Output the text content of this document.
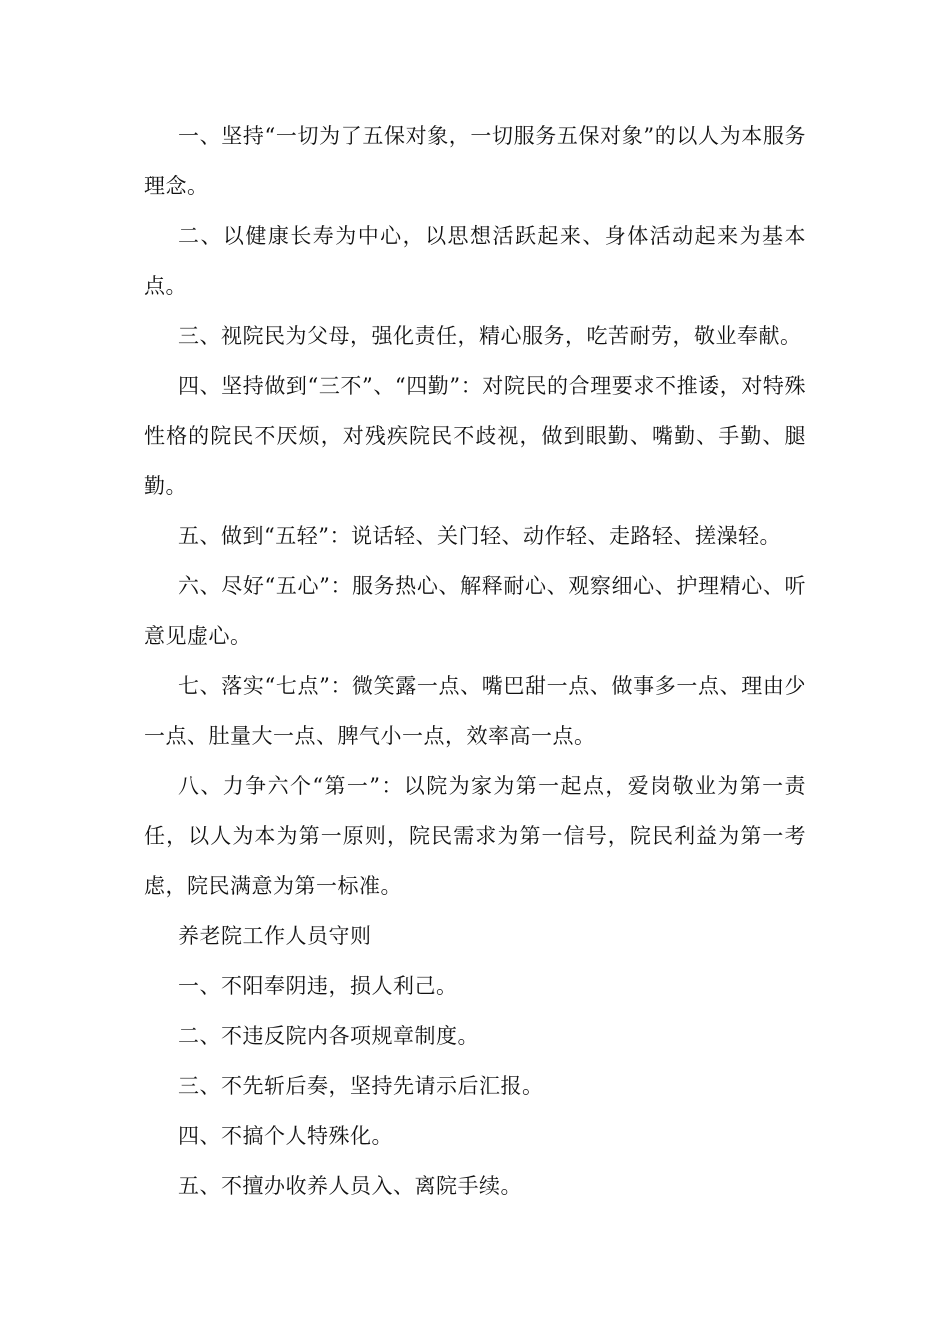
一、坚持“一切为了五保对象，一切服务五保对象”的以人为本服务理念。

二、以健康长寿为中心，以思想活跃起来、身体活动起来为基本点。

三、视院民为父母，强化责任，精心服务，吃苦耐劳，敬业奉献。

四、坚持做到“三不”、“四勤”：对院民的合理要求不推诿，对特殊性格的院民不厌烦，对残疾院民不歧视，做到眼勤、嘴勤、手勤、腿勤。

五、做到“五轻”：说话轻、关门轻、动作轻、走路轻、搓澡轻。

六、尽好“五心”：服务热心、解释耐心、观察细心、护理精心、听意见虚心。

七、落实“七点”：微笑露一点、嘴巴甜一点、做事多一点、理由少一点、肚量大一点、脾气小一点，效率高一点。

八、力争六个“第一”：以院为家为第一起点，爱岗敬业为第一责任，以人为本为第一原则，院民需求为第一信号，院民利益为第一考虑，院民满意为第一标准。

养老院工作人员守则

一、不阳奉阴违，损人利己。

二、不违反院内各项规章制度。

三、不先斩后奏，坚持先请示后汇报。

四、不搞个人特殊化。

五、不擅办收养人员入、离院手续。
